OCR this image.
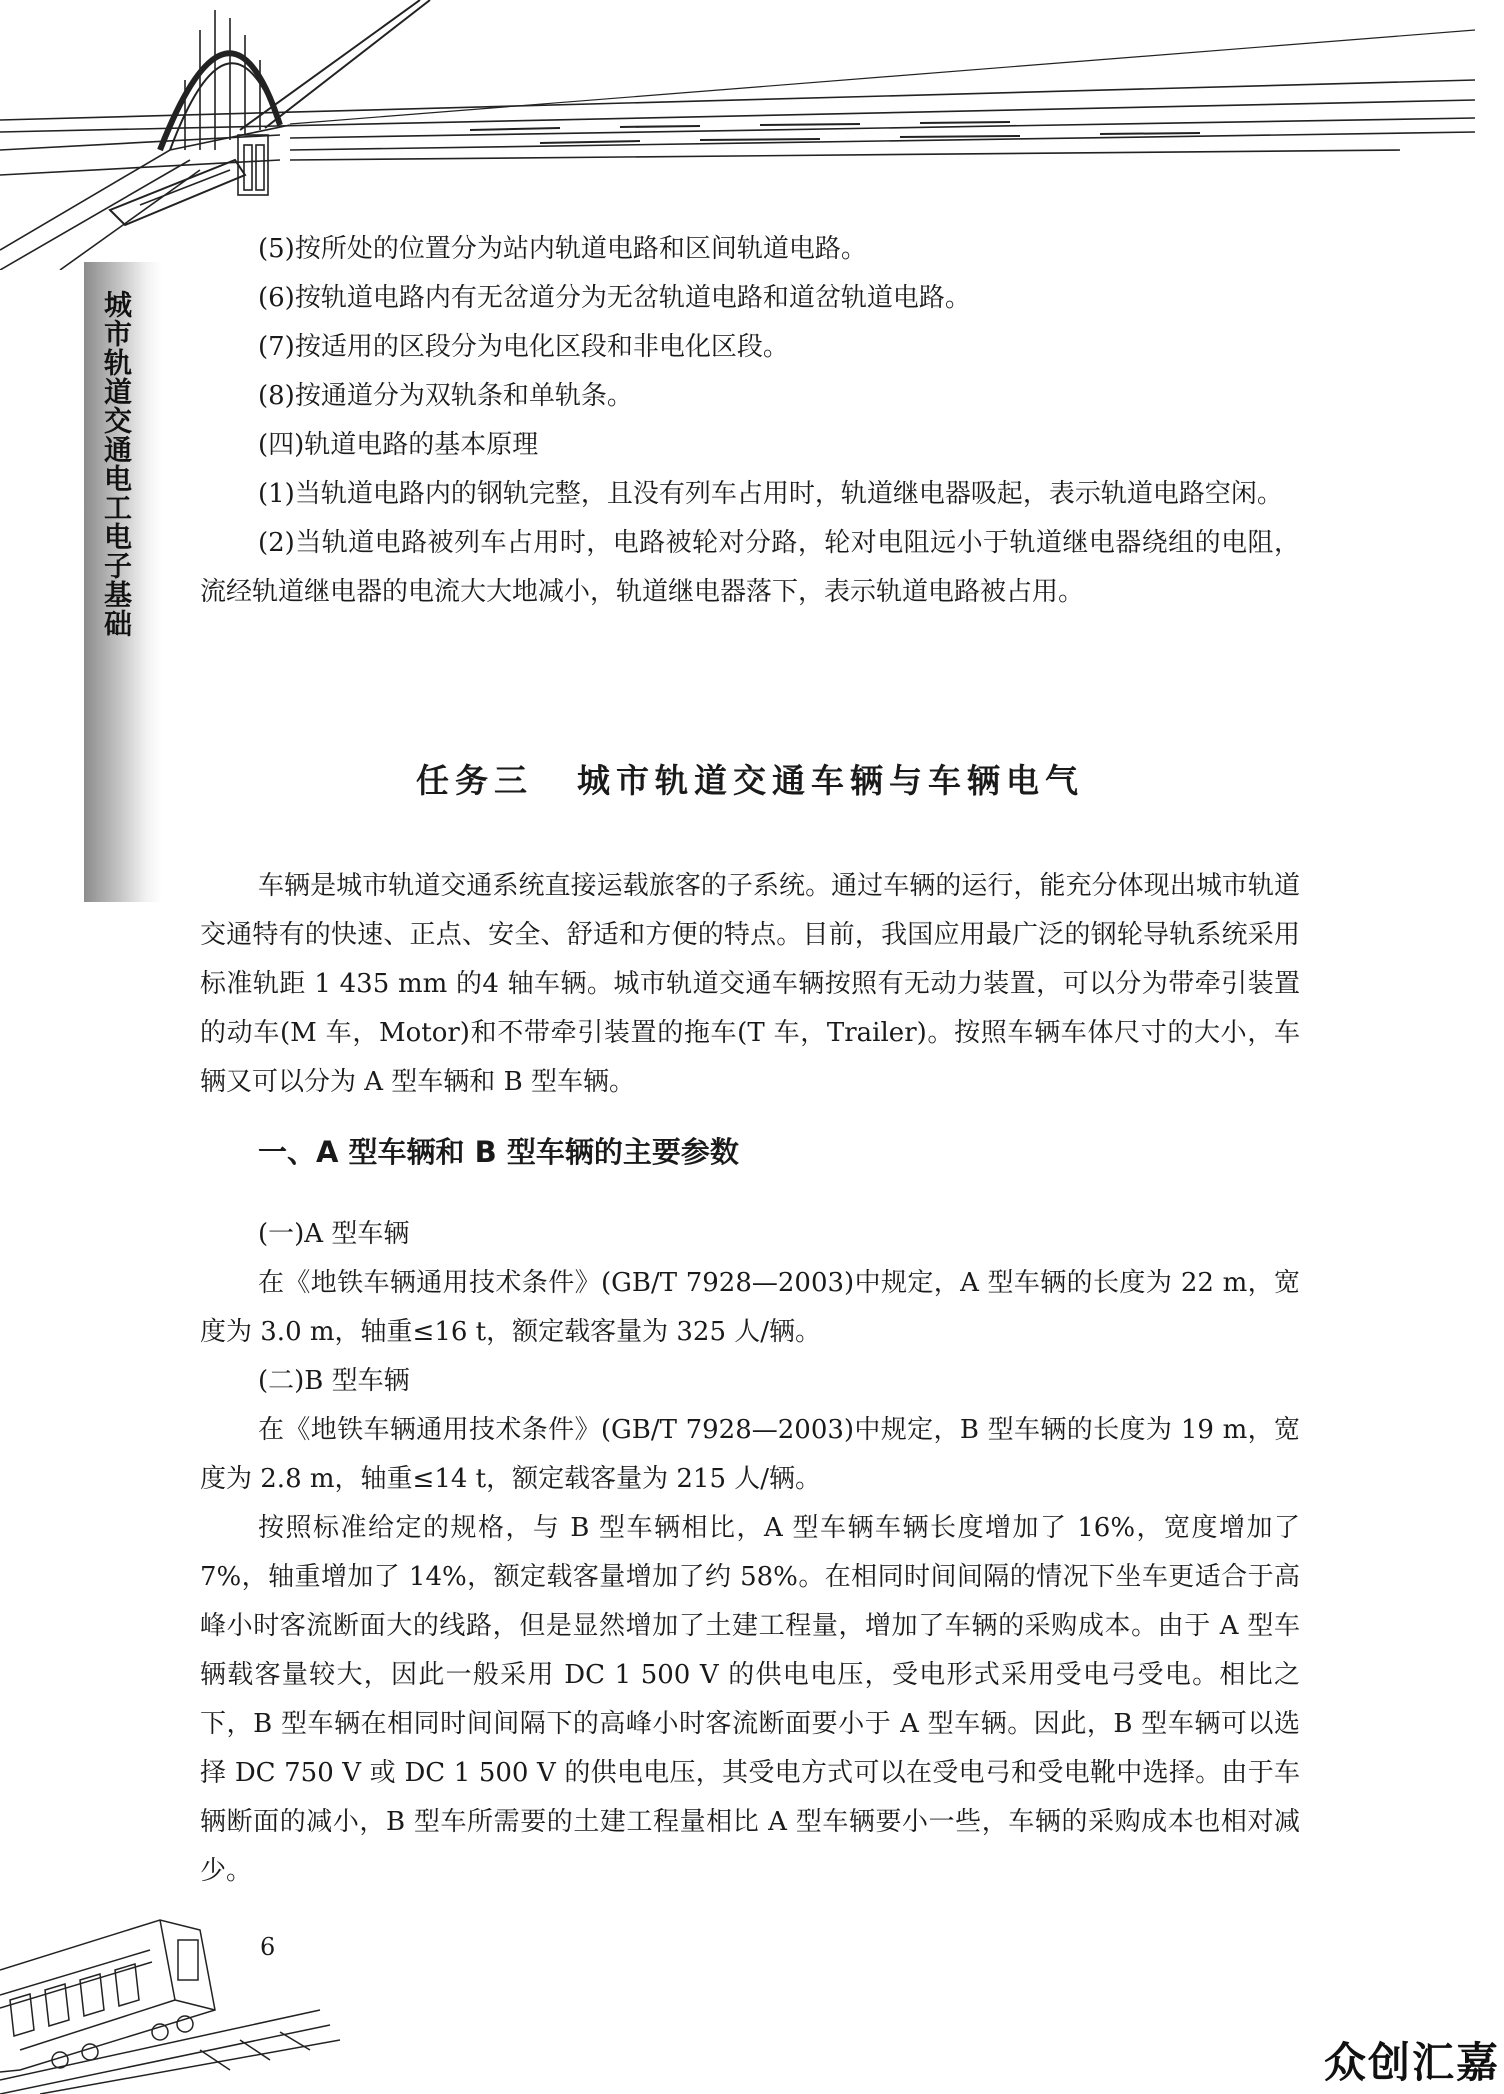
城市轨道交通电工电子基础

(5)按所处的位置分为站内轨道电路和区间轨道电路。

(6)按轨道电路内有无岔道分为无岔轨道电路和道岔轨道电路。

(7)按适用的区段分为电化区段和非电化区段。

(8)按通道分为双轨条和单轨条。

(四)轨道电路的基本原理

(1)当轨道电路内的钢轨完整，且没有列车占用时，轨道继电器吸起，表示轨道电路空闲。

(2)当轨道电路被列车占用时，电路被轮对分路，轮对电阻远小于轨道继电器绕组的电阻，流经轨道继电器的电流大大地减小，轨道继电器落下，表示轨道电路被占用。

任务三 城市轨道交通车辆与车辆电气

车辆是城市轨道交通系统直接运载旅客的子系统。通过车辆的运行，能充分体现出城市轨道交通特有的快速、正点、安全、舒适和方便的特点。目前，我国应用最广泛的钢轮导轨系统采用标准轨距 1 435 mm 的4 轴车辆。城市轨道交通车辆按照有无动力装置，可以分为带牵引装置的动车(M 车，Motor)和不带牵引装置的拖车(T 车，Trailer)。按照车辆车体尺寸的大小，车辆又可以分为 A 型车辆和 B 型车辆。

一、A 型车辆和 B 型车辆的主要参数

(一)A 型车辆

在《地铁车辆通用技术条件》(GB/T 7928—2003)中规定，A 型车辆的长度为 22 m，宽度为 3.0 m，轴重≤16 t，额定载客量为 325 人/辆。

(二)B 型车辆

在《地铁车辆通用技术条件》(GB/T 7928—2003)中规定，B 型车辆的长度为 19 m，宽度为 2.8 m，轴重≤14 t，额定载客量为 215 人/辆。

按照标准给定的规格，与 B 型车辆相比，A 型车辆车辆长度增加了 16%，宽度增加了 7%，轴重增加了 14%，额定载客量增加了约 58%。在相同时间间隔的情况下坐车更适合于高峰小时客流断面大的线路，但是显然增加了土建工程量，增加了车辆的采购成本。由于 A 型车辆载客量较大，因此一般采用 DC 1 500 V 的供电电压，受电形式采用受电弓受电。相比之下，B 型车辆在相同时间间隔下的高峰小时客流断面要小于 A 型车辆。因此，B 型车辆可以选择 DC 750 V 或 DC 1 500 V 的供电电压，其受电方式可以在受电弓和受电靴中选择。由于车辆断面的减小，B 型车所需要的土建工程量相比 A 型车辆要小一些，车辆的采购成本也相对减少。

6
众创汇嘉
